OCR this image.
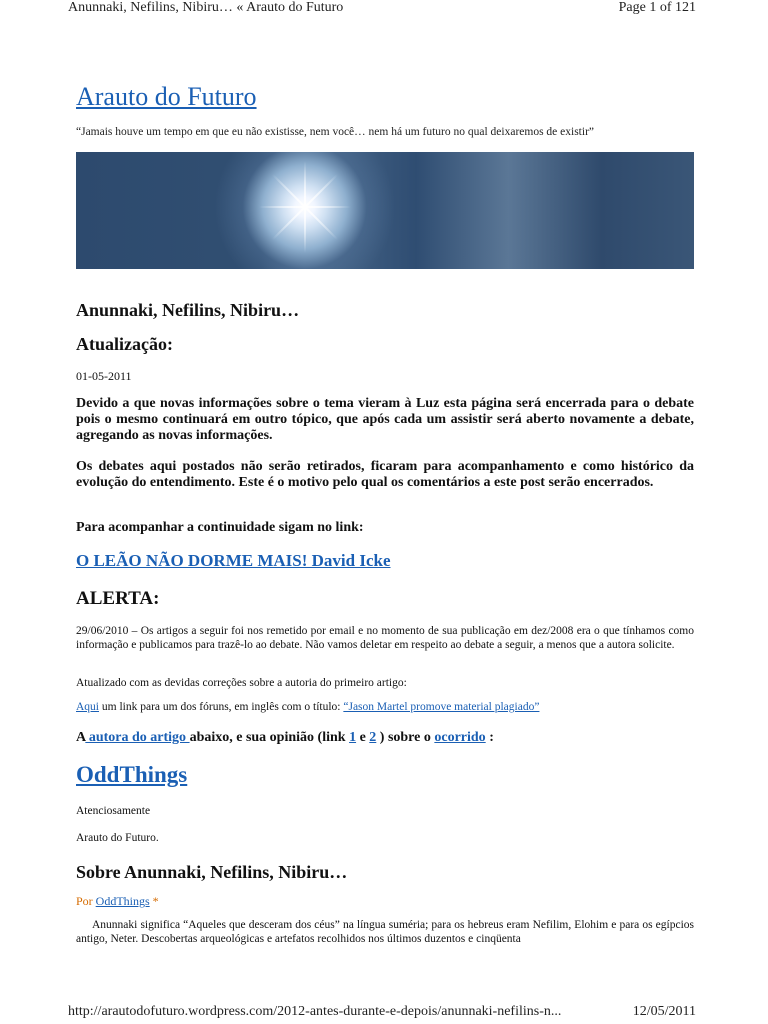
Anunnaki, Nefilins, Nibiru… « Arauto do Futuro	Page 1 of 121
Arauto do Futuro
“Jamais houve um tempo em que eu não existisse, nem você… nem há um futuro no qual deixaremos de existir”
Anunnaki, Nefilins, Nibiru…
Atualização:
01-05-2011
Devido a que novas informações sobre o tema vieram à Luz esta página será encerrada para o debate pois o mesmo continuará em outro tópico, que após cada um assistir será aberto novamente a debate, agregando as novas informações.
Os debates aqui postados não serão retirados, ficaram para acompanhamento e como histórico da evolução do entendimento. Este é o motivo pelo qual os comentários a este post serão encerrados.
Para acompanhar a continuidade sigam no link:
O LEÃO NÃO DORME MAIS! David Icke
ALERTA:
29/06/2010 – Os artigos a seguir foi nos remetido por email e no momento de sua publicação em dez/2008 era o que tínhamos como informação e publicamos para trazê-lo ao debate. Não vamos deletar em respeito ao debate a seguir, a menos que a autora solicite.
Atualizado com as devidas correções sobre a autoria do primeiro artigo:
Aqui um link para um dos fóruns, em inglês com o título: “Jason Martel promove material plagiado”
A autora do artigo abaixo, e sua opinião (link 1 e 2 ) sobre o ocorrido :
OddThings
Atenciosamente
Arauto do Futuro.
Sobre Anunnaki, Nefilins, Nibiru…
Por OddThings *
Anunnaki significa “Aqueles que desceram dos céus” na língua suméria; para os hebreus eram Nefilim, Elohim e para os egípcios antigo, Neter. Descobertas arqueológicas e artefatos recolhidos nos últimos duzentos e cinqüenta
http://arautodofuturo.wordpress.com/2012-antes-durante-e-depois/anunnaki-nefilins-n...	12/05/2011
